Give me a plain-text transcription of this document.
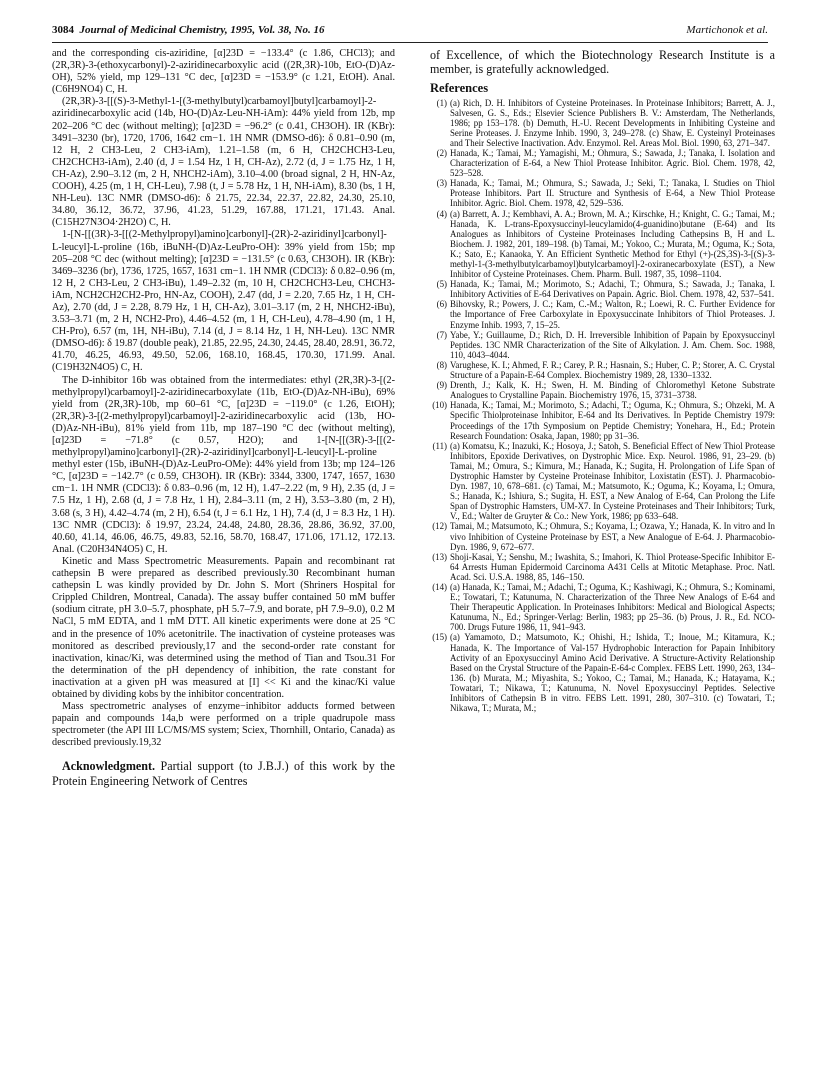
3084 Journal of Medicinal Chemistry, 1995, Vol. 38, No. 16	Martichonok et al.

and the corresponding cis-aziridine, [α]23D = −133.4° (c 1.86, CHCl3); and (2R,3R)-3-(ethoxycarbonyl)-2-aziridinecarboxylic acid ((2R,3R)-10b, EtO-(D)Az-OH), 52% yield, mp 129–131 °C dec, [α]23D = −153.9° (c 1.21, EtOH). Anal. (C6H9NO4) C, H.

(2R,3R)-3-[[(S)-3-Methyl-1-[(3-methylbutyl)carbamoyl]butyl]carbamoyl]-2-aziridinecarboxylic acid (14b, HO-(D)Az-Leu-NH-iAm): 44% yield from 12b, mp 202–206 °C dec (without melting); [α]23D = −96.2° (c 0.41, CH3OH). IR (KBr): 3491–3230 (br), 1720, 1706, 1642 cm−1. 1H NMR (DMSO-d6): δ 0.81–0.90 (m, 12 H, 2 CH3-Leu, 2 CH3-iAm), 1.21–1.58 (m, 6 H, CH2CHCH3-Leu, CH2CHCH3-iAm), 2.40 (d, J = 1.54 Hz, 1 H, CH-Az), 2.72 (d, J = 1.75 Hz, 1 H, CH-Az), 2.90–3.12 (m, 2 H, NHCH2-iAm), 3.10–4.00 (broad signal, 2 H, HN-Az, COOH), 4.25 (m, 1 H, CH-Leu), 7.98 (t, J = 5.78 Hz, 1 H, NH-iAm), 8.30 (bs, 1 H, NH-Leu). 13C NMR (DMSO-d6): δ 21.75, 22.34, 22.37, 22.82, 24.30, 25.10, 34.80, 36.12, 36.72, 37.96, 41.23, 51.29, 167.88, 171.21, 171.43. Anal. (C15H27N3O4·2H2O) C, H.

1-[N-[[(3R)-3-[[(2-Methylpropyl)amino]carbonyl]-(2R)-2-aziridinyl]carbonyl]-L-leucyl]-L-proline (16b, iBuNH-(D)Az-LeuPro-OH): 39% yield from 15b; mp 205–208 °C dec (without melting); [α]23D = −131.5° (c 0.63, CH3OH). IR (KBr): 3469–3236 (br), 1736, 1725, 1657, 1631 cm−1. 1H NMR (CDCl3): δ 0.82–0.96 (m, 12 H, 2 CH3-Leu, 2 CH3-iBu), 1.49–2.32 (m, 10 H, CH2CHCH3-Leu, CHCH3-iAm, NCH2CH2CH2-Pro, HN-Az, COOH), 2.47 (dd, J = 2.20, 7.65 Hz, 1 H, CH-Az), 2.70 (dd, J = 2.28, 8.79 Hz, 1 H, CH-Az), 3.01–3.17 (m, 2 H, NHCH2-iBu), 3.53–3.71 (m, 2 H, NCH2-Pro), 4.46–4.52 (m, 1 H, CH-Leu), 4.78–4.90 (m, 1 H, CH-Pro), 6.57 (m, 1H, NH-iBu), 7.14 (d, J = 8.14 Hz, 1 H, NH-Leu). 13C NMR (DMSO-d6): δ 19.87 (double peak), 21.85, 22.95, 24.30, 24.45, 28.40, 28.91, 36.72, 41.70, 46.25, 46.93, 49.50, 52.06, 168.10, 168.45, 170.30, 171.99. Anal. (C19H32N4O5) C, H.

The D-inhibitor 16b was obtained from the intermediates: ethyl (2R,3R)-3-[(2-methylpropyl)carbamoyl]-2-aziridinecarboxylate (11b, EtO-(D)Az-NH-iBu), 69% yield from (2R,3R)-10b, mp 60–61 °C, [α]23D = −119.0° (c 1.26, EtOH); (2R,3R)-3-[(2-methylpropyl)carbamoyl]-2-aziridinecarboxylic acid (13b, HO-(D)Az-NH-iBu), 81% yield from 11b, mp 187–190 °C dec (without melting), [α]23D = −71.8° (c 0.57, H2O); and 1-[N-[[(3R)-3-[[(2-methylpropyl)amino]carbonyl]-(2R)-2-aziridinyl]carbonyl]-L-leucyl]-L-proline methyl ester (15b, iBuNH-(D)Az-LeuPro-OMe): 44% yield from 13b; mp 124–126 °C, [α]23D = −142.7° (c 0.59, CH3OH). IR (KBr): 3344, 3300, 1747, 1657, 1630 cm−1. 1H NMR (CDCl3): δ 0.83–0.96 (m, 12 H), 1.47–2.22 (m, 9 H), 2.35 (d, J = 7.5 Hz, 1 H), 2.68 (d, J = 7.8 Hz, 1 H), 2.84–3.11 (m, 2 H), 3.53–3.80 (m, 2 H), 3.68 (s, 3 H), 4.42–4.74 (m, 2 H), 6.54 (t, J = 6.1 Hz, 1 H), 7.4 (d, J = 8.3 Hz, 1 H). 13C NMR (CDCl3): δ 19.97, 23.24, 24.48, 24.80, 28.36, 28.86, 36.92, 37.00, 40.60, 41.14, 46.06, 46.75, 49.83, 52.16, 58.70, 168.47, 171.06, 171.12, 172.13. Anal. (C20H34N4O5) C, H.

Kinetic and Mass Spectrometric Measurements. Papain and recombinant rat cathepsin B were prepared as described previously.30 Recombinant human cathepsin L was kindly provided by Dr. John S. Mort (Shriners Hospital for Crippled Children, Montreal, Canada). The assay buffer contained 50 mM buffer (sodium citrate, pH 3.0–5.7, phosphate, pH 5.7–7.9, and borate, pH 7.9–9.0), 0.2 M NaCl, 5 mM EDTA, and 1 mM DTT. All kinetic experiments were done at 25 °C and in the presence of 10% acetonitrile. The inactivation of cysteine proteases was monitored as described previously,17 and the second-order rate constant for inactivation, kinac/Ki, was determined using the method of Tian and Tsou.31 For the determination of the pH dependency of inhibition, the rate constant for inactivation at a given pH was measured at [I] << Ki and the kinac/Ki value obtained by dividing kobs by the inhibitor concentration.

Mass spectrometric analyses of enzyme−inhibitor adducts formed between papain and compounds 14a,b were performed on a triple quadrupole mass spectrometer (the API III LC/MS/MS system; Sciex, Thornhill, Ontario, Canada) as described previously.19,32

Acknowledgment. Partial support (to J.B.J.) of this work by the Protein Engineering Network of Centres

of Excellence, of which the Biotechnology Research Institute is a member, is gratefully acknowledged.

References
(1) (a) Rich, D. H. Inhibitors of Cysteine Proteinases. In Proteinase Inhibitors; Barrett, A. J., Salvesen, G. S., Eds.; Elsevier Science Publishers B. V.: Amsterdam, The Netherlands, 1986; pp 153–178. (b) Demuth, H.-U. Recent Developments in Inhibiting Cysteine and Serine Proteases. J. Enzyme Inhib. 1990, 3, 249–278. (c) Shaw, E. Cysteinyl Proteinases and Their Selective Inactivation. Adv. Enzymol. Rel. Areas Mol. Biol. 1990, 63, 271–347.
(2) Hanada, K.; Tamai, M.; Yamagishi, M.; Ohmura, S.; Sawada, J.; Tanaka, I. Isolation and Characterization of E-64, a New Thiol Protease Inhibitor. Agric. Biol. Chem. 1978, 42, 523–528.
(3) Hanada, K.; Tamai, M.; Ohmura, S.; Sawada, J.; Seki, T.; Tanaka, I. Studies on Thiol Protease Inhibitors. Part II. Structure and Synthesis of E-64, a New Thiol Protease Inhibitor. Agric. Biol. Chem. 1978, 42, 529–536.
(4) (a) Barrett, A. J.; Kembhavi, A. A.; Brown, M. A.; Kirschke, H.; Knight, C. G.; Tamai, M.; Hanada, K. L-trans-Epoxysuccinyl-leucylamido(4-guanidino)butane (E-64) and Its Analogues as Inhibitors of Cysteine Proteinases Including Cathepsins B, H and L. Biochem. J. 1982, 201, 189–198. (b) Tamai, M.; Yokoo, C.; Murata, M.; Oguma, K.; Sota, K.; Sato, E.; Kanaoka, Y. An Efficient Synthetic Method for Ethyl (+)-(2S,3S)-3-[(S)-3-methyl-1-(3-methylbutylcarbamoyl)butylcarbamoyl]-2-oxiranecarboxylate (EST), a New Inhibitor of Cysteine Proteinases. Chem. Pharm. Bull. 1987, 35, 1098–1104.
(5) Hanada, K.; Tamai, M.; Morimoto, S.; Adachi, T.; Ohmura, S.; Sawada, J.; Tanaka, I. Inhibitory Activities of E-64 Derivatives on Papain. Agric. Biol. Chem. 1978, 42, 537–541.
(6) Bihovsky, R.; Powers, J. C.; Kam, C.-M.; Walton, R.; Loewi, R. C. Further Evidence for the Importance of Free Carboxylate in Epoxysuccinate Inhibitors of Thiol Proteases. J. Enzyme Inhib. 1993, 7, 15–25.
(7) Yabe, Y.; Guillaume, D.; Rich, D. H. Irreversible Inhibition of Papain by Epoxysuccinyl Peptides. 13C NMR Characterization of the Site of Alkylation. J. Am. Chem. Soc. 1988, 110, 4043–4044.
(8) Varughese, K. I.; Ahmed, F. R.; Carey, P. R.; Hasnain, S.; Huber, C. P.; Storer, A. C. Crystal Structure of a Papain-E-64 Complex. Biochemistry 1989, 28, 1330–1332.
(9) Drenth, J.; Kalk, K. H.; Swen, H. M. Binding of Chloromethyl Ketone Substrate Analogues to Crystalline Papain. Biochemistry 1976, 15, 3731–3738.
(10) Hanada, K.; Tamai, M.; Morimoto, S.; Adachi, T.; Oguma, K.; Ohmura, S.; Ohzeki, M. A Specific Thiolproteinase Inhibitor, E-64 and Its Derivatives. In Peptide Chemistry 1979: Proceedings of the 17th Symposium on Peptide Chemistry; Yonehara, H., Ed.; Protein Research Foundation: Osaka, Japan, 1980; pp 31–36.
(11) (a) Komatsu, K.; Inazuki, K.; Hosoya, J.; Satoh, S. Beneficial Effect of New Thiol Protease Inhibitors, Epoxide Derivatives, on Dystrophic Mice. Exp. Neurol. 1986, 91, 23–29. (b) Tamai, M.; Omura, S.; Kimura, M.; Hanada, K.; Sugita, H. Prolongation of Life Span of Dystrophic Hamster by Cysteine Proteinase Inhibitor, Loxistatin (EST). J. Pharmacobio-Dyn. 1987, 10, 678–681. (c) Tamai, M.; Matsumoto, K.; Oguma, K.; Koyama, I.; Omura, S.; Hanada, K.; Ishiura, S.; Sugita, H. EST, a New Analog of E-64, Can Prolong the Life Span of Dystrophic Hamsters, UM-X7. In Cysteine Proteinases and Their Inhibitors; Turk, V., Ed.; Walter de Gruyter & Co.: New York, 1986; pp 633–648.
(12) Tamai, M.; Matsumoto, K.; Ohmura, S.; Koyama, I.; Ozawa, Y.; Hanada, K. In vitro and In vivo Inhibition of Cysteine Proteinase by EST, a New Analogue of E-64. J. Pharmacobio-Dyn. 1986, 9, 672–677.
(13) Shoji-Kasai, Y.; Senshu, M.; Iwashita, S.; Imahori, K. Thiol Protease-Specific Inhibitor E-64 Arrests Human Epidermoid Carcinoma A431 Cells at Mitotic Metaphase. Proc. Natl. Acad. Sci. U.S.A. 1988, 85, 146–150.
(14) (a) Hanada, K.; Tamai, M.; Adachi, T.; Oguma, K.; Kashiwagi, K.; Ohmura, S.; Kominami, E.; Towatari, T.; Katunuma, N. Characterization of the Three New Analogs of E-64 and Their Therapeutic Application. In Proteinases Inhibitors: Medical and Biological Aspects; Katunuma, N., Ed.; Springer-Verlag: Berlin, 1983; pp 25–36. (b) Prous, J. R., Ed. NCO-700. Drugs Future 1986, 11, 941–943.
(15) (a) Yamamoto, D.; Matsumoto, K.; Ohishi, H.; Ishida, T.; Inoue, M.; Kitamura, K.; Hanada, K. The Importance of Val-157 Hydrophobic Interaction for Papain Inhibitory Activity of an Epoxysuccinyl Amino Acid Derivative. A Structure-Activity Relationship Based on the Crystal Structure of the Papain-E-64-c Complex. FEBS Lett. 1990, 263, 134–136. (b) Murata, M.; Miyashita, S.; Yokoo, C.; Tamai, M.; Hanada, K.; Hatayama, K.; Towatari, T.; Nikawa, T.; Katunuma, N. Novel Epoxysuccinyl Peptides. Selective Inhibitors of Cathepsin B in vitro. FEBS Lett. 1991, 280, 307–310. (c) Towatari, T.; Nikawa, T.; Murata, M.;
